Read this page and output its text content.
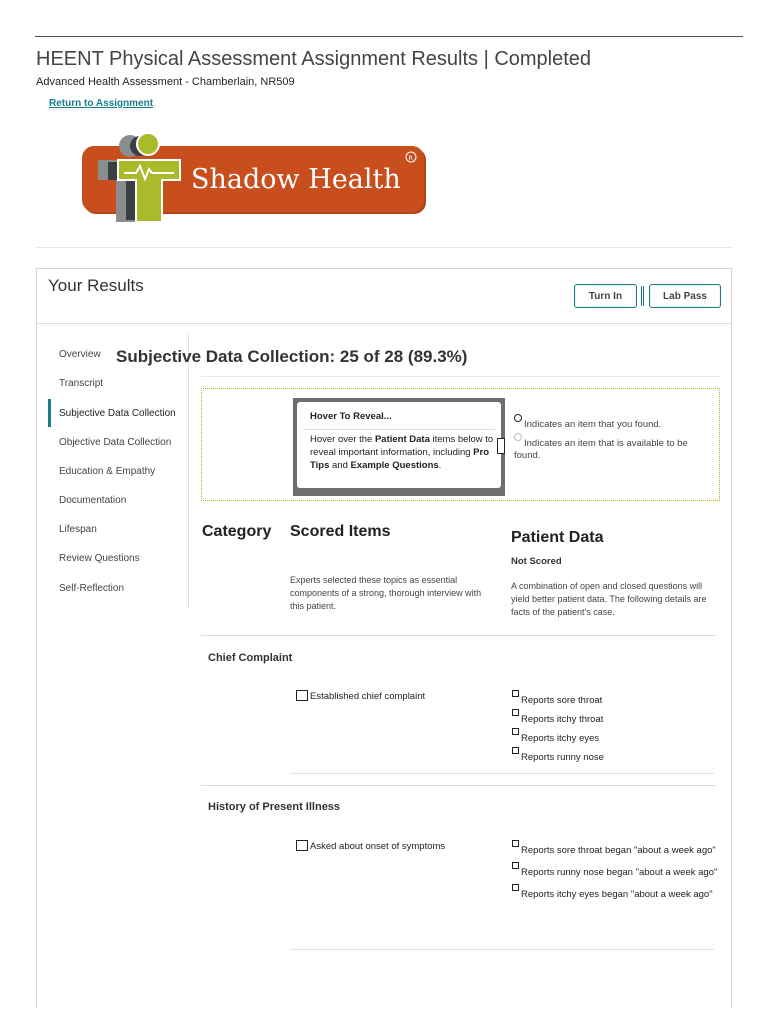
HEENT Physical Assessment Assignment Results | Completed
Advanced Health Assessment - Chamberlain, NR509
Return to Assignment
Shadow Health
R
Your Results
Turn In	Lab Pass
Overview
Transcript
Subjective Data Collection
Objective Data Collection
Education & Empathy
Documentation
Lifespan
Review Questions
Self-Reflection
Subjective Data Collection: 25 of 28 (89.3%)
Hover To Reveal...
Hover over the Patient Data items below to reveal important information, including Pro Tips and Example Questions.
Indicates an item that you found.
Indicates an item that is available to be found.
Category Scored Items	Patient Data
Not Scored
Experts selected these topics as essential components of a strong, thorough interview with this patient.
A combination of open and closed questions will yield better patient data. The following details are facts of the patient's case.
Chief Complaint
Established chief complaint	Reports sore throat
Reports itchy throat
Reports itchy eyes
Reports runny nose
History of Present Illness
Asked about onset of symptoms	Reports sore throat began "about a week ago"
Reports runny nose began "about a week ago"
Reports itchy eyes began "about a week ago"
